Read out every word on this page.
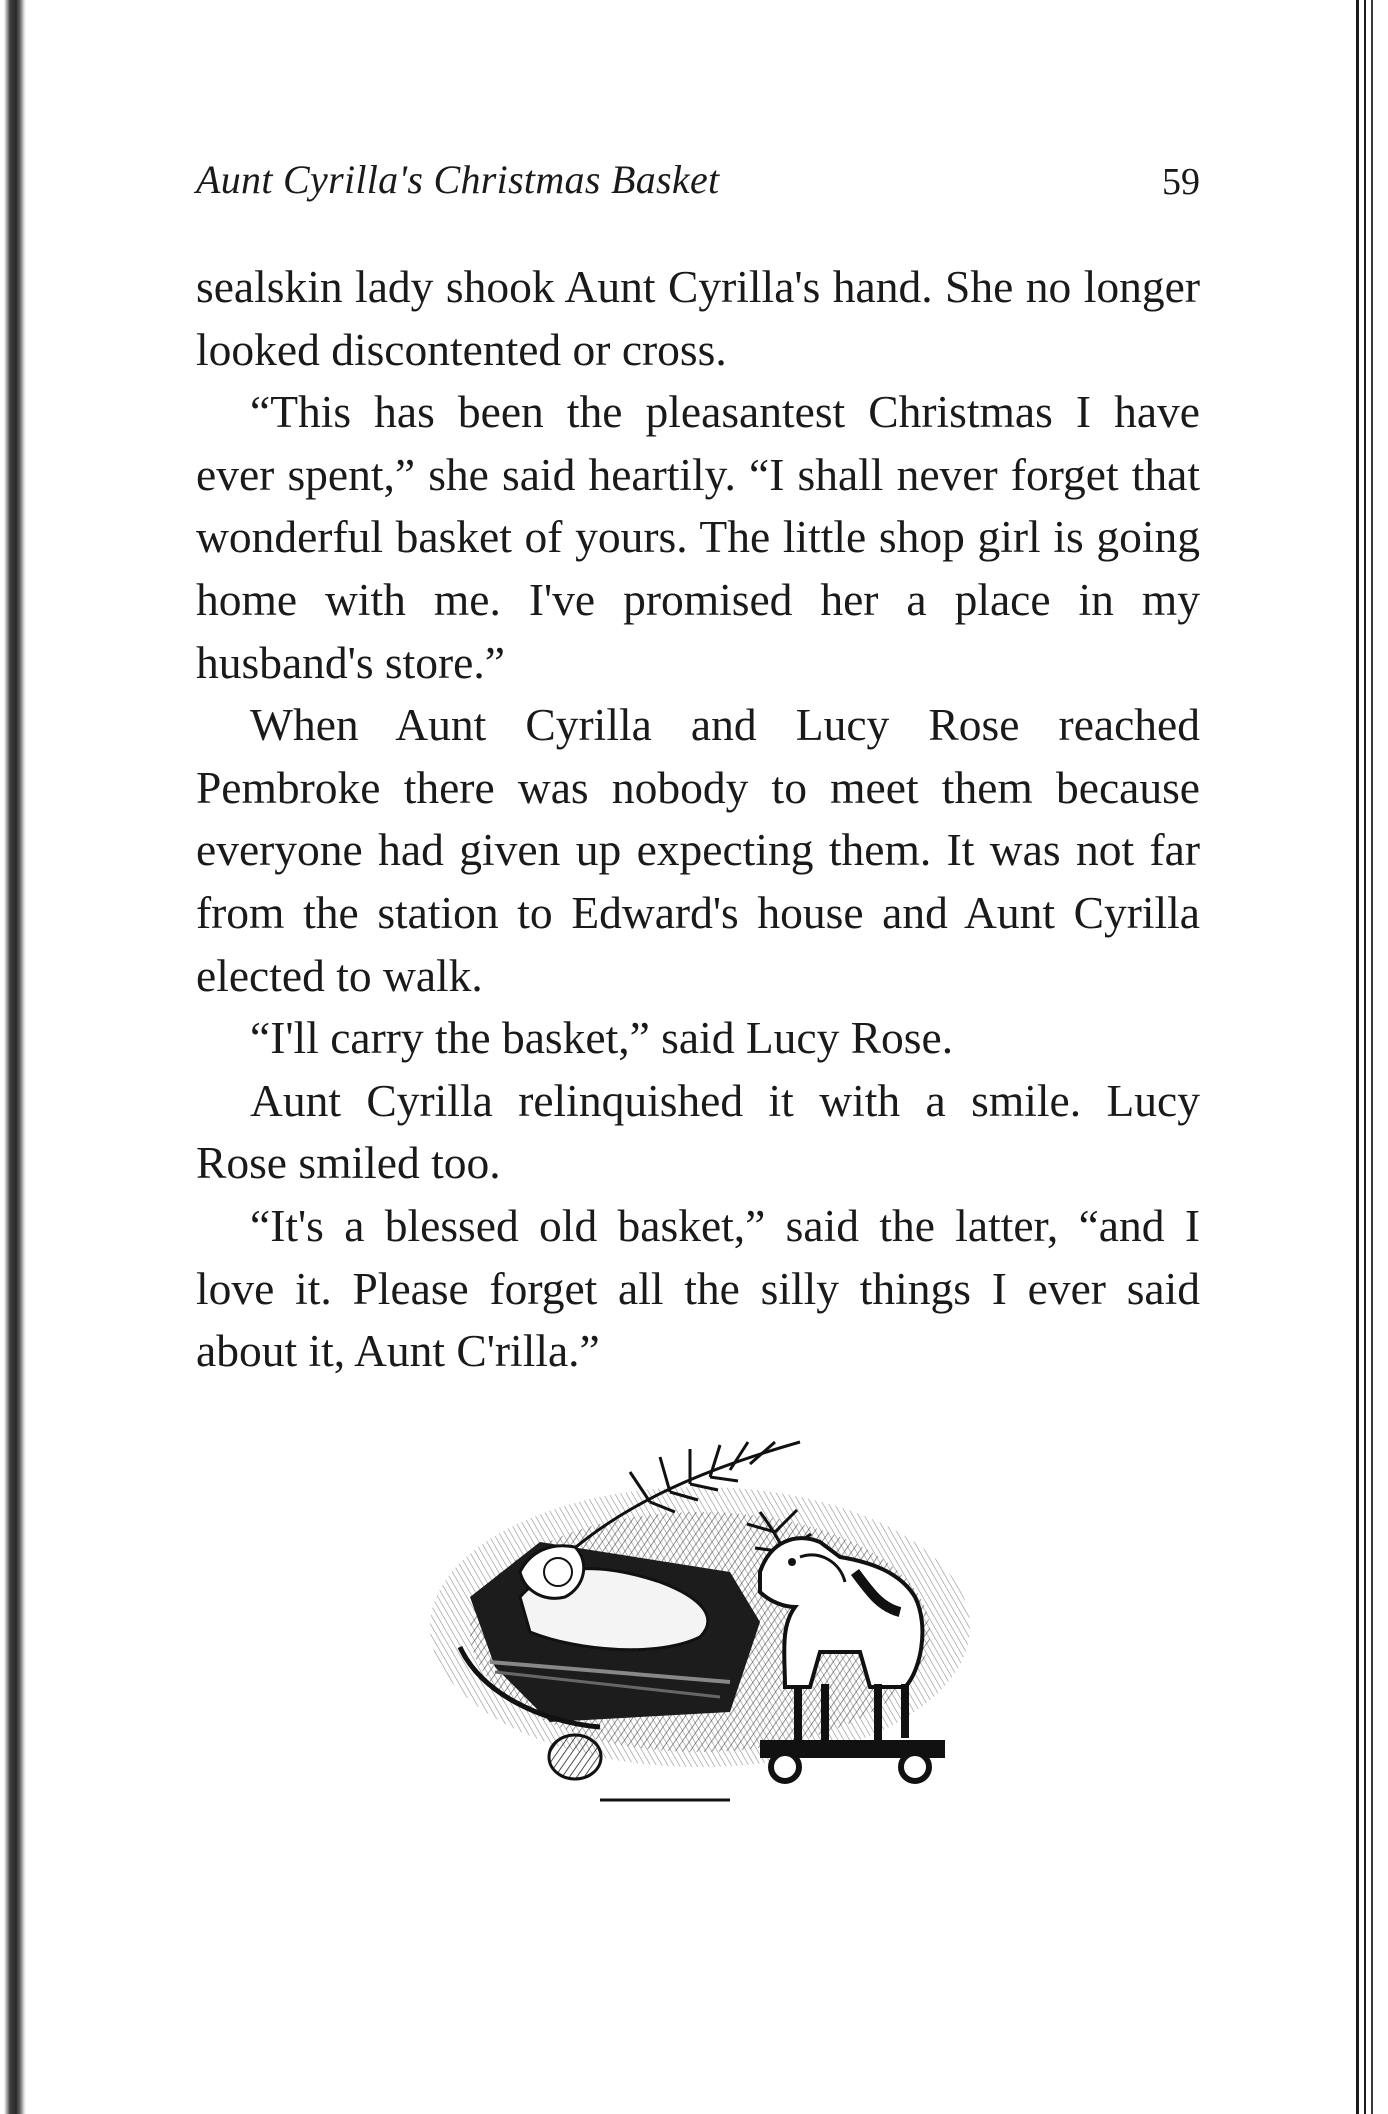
Aunt Cyrilla's Christmas Basket	59

sealskin lady shook Aunt Cyrilla's hand. She no longer looked discontented or cross.

“This has been the pleasantest Christmas I have ever spent,” she said heartily. “I shall never forget that wonderful basket of yours. The little shop girl is going home with me. I've promised her a place in my husband's store.”

When Aunt Cyrilla and Lucy Rose reached Pembroke there was nobody to meet them because everyone had given up expecting them. It was not far from the station to Edward's house and Aunt Cyrilla elected to walk.

“I'll carry the basket,” said Lucy Rose.

Aunt Cyrilla relinquished it with a smile. Lucy Rose smiled too.

“It's a blessed old basket,” said the latter, “and I love it. Please forget all the silly things I ever said about it, Aunt C'rilla.”
